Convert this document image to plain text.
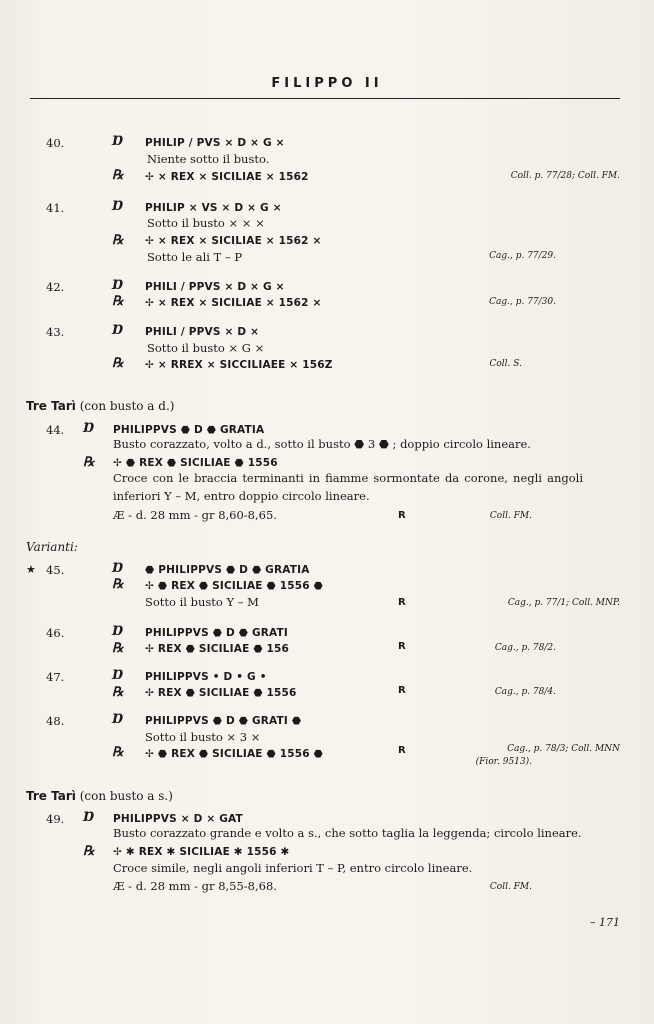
FILIPPO II
40.	Ɒ PHILIP / PVS × D × G ×
Niente sotto il busto.
℞ ✢ × REX × SICILIAE × 1562	Coll. p. 77/28; Coll. FM.
41.	Ɒ PHILIP × VS × D × G ×
Sotto il busto × × ×
℞ ✢ × REX × SICILIAE × 1562 ×
Sotto le ali T – P	Cag., p. 77/29.
42.	Ɒ PHILI / PPVS × D × G ×
℞ ✢ × REX × SICILIAE × 1562 ×	Cag., p. 77/30.
43.	Ɒ PHILI / PPVS × D ×
Sotto il busto × G ×
℞ ✢ × RREX × SICCILIAEE × 156Z	Coll. S.
Tre Tarì (con busto a d.)
44. Ɒ PHILIPPVS ⬣ D ⬣ GRATIA
Busto corazzato, volto a d., sotto il busto ⬣ 3 ⬣ ; doppio circolo lineare.
℞ ✢ ⬣ REX ⬣ SICILIAE ⬣ 1556
Croce con le braccia terminanti in fiamme sormontate da corone, negli angoli inferiori Y – M, entro doppio circolo lineare.
Æ - d. 28 mm - gr 8,60-8,65.	R	Coll. FM.
Varianti:
★ 45.	Ɒ ⬣ PHILIPPVS ⬣ D ⬣ GRATIA
℞ ✢ ⬣ REX ⬣ SICILIAE ⬣ 1556 ⬣
Sotto il busto Y – M	R	Cag., p. 77/1; Coll. MNP.
46.	Ɒ PHILIPPVS ⬣ D ⬣ GRATI
℞ ✢ REX ⬣ SICILIAE ⬣ 156	R	Cag., p. 78/2.
47.	Ɒ PHILIPPVS • D • G •
℞ ✢ REX ⬣ SICILIAE ⬣ 1556	R	Cag., p. 78/4.
48.	Ɒ PHILIPPVS ⬣ D ⬣ GRATI ⬣
Sotto il busto × 3 ×
℞ ✢ ⬣ REX ⬣ SICILIAE ⬣ 1556 ⬣	R	Cag., p. 78/3; Coll. MNN
(Fior. 9513).
Tre Tarì (con busto a s.)
49. Ɒ PHILIPPVS × D × GAT
Busto corazzato grande e volto a s., che sotto taglia la leggenda; circolo lineare.
℞ ✢ ✱ REX ✱ SICILIAE ✱ 1556 ✱
Croce simile, negli angoli inferiori T – P, entro circolo lineare.
Æ - d. 28 mm - gr 8,55-8,68.	Coll. FM.
– 171
